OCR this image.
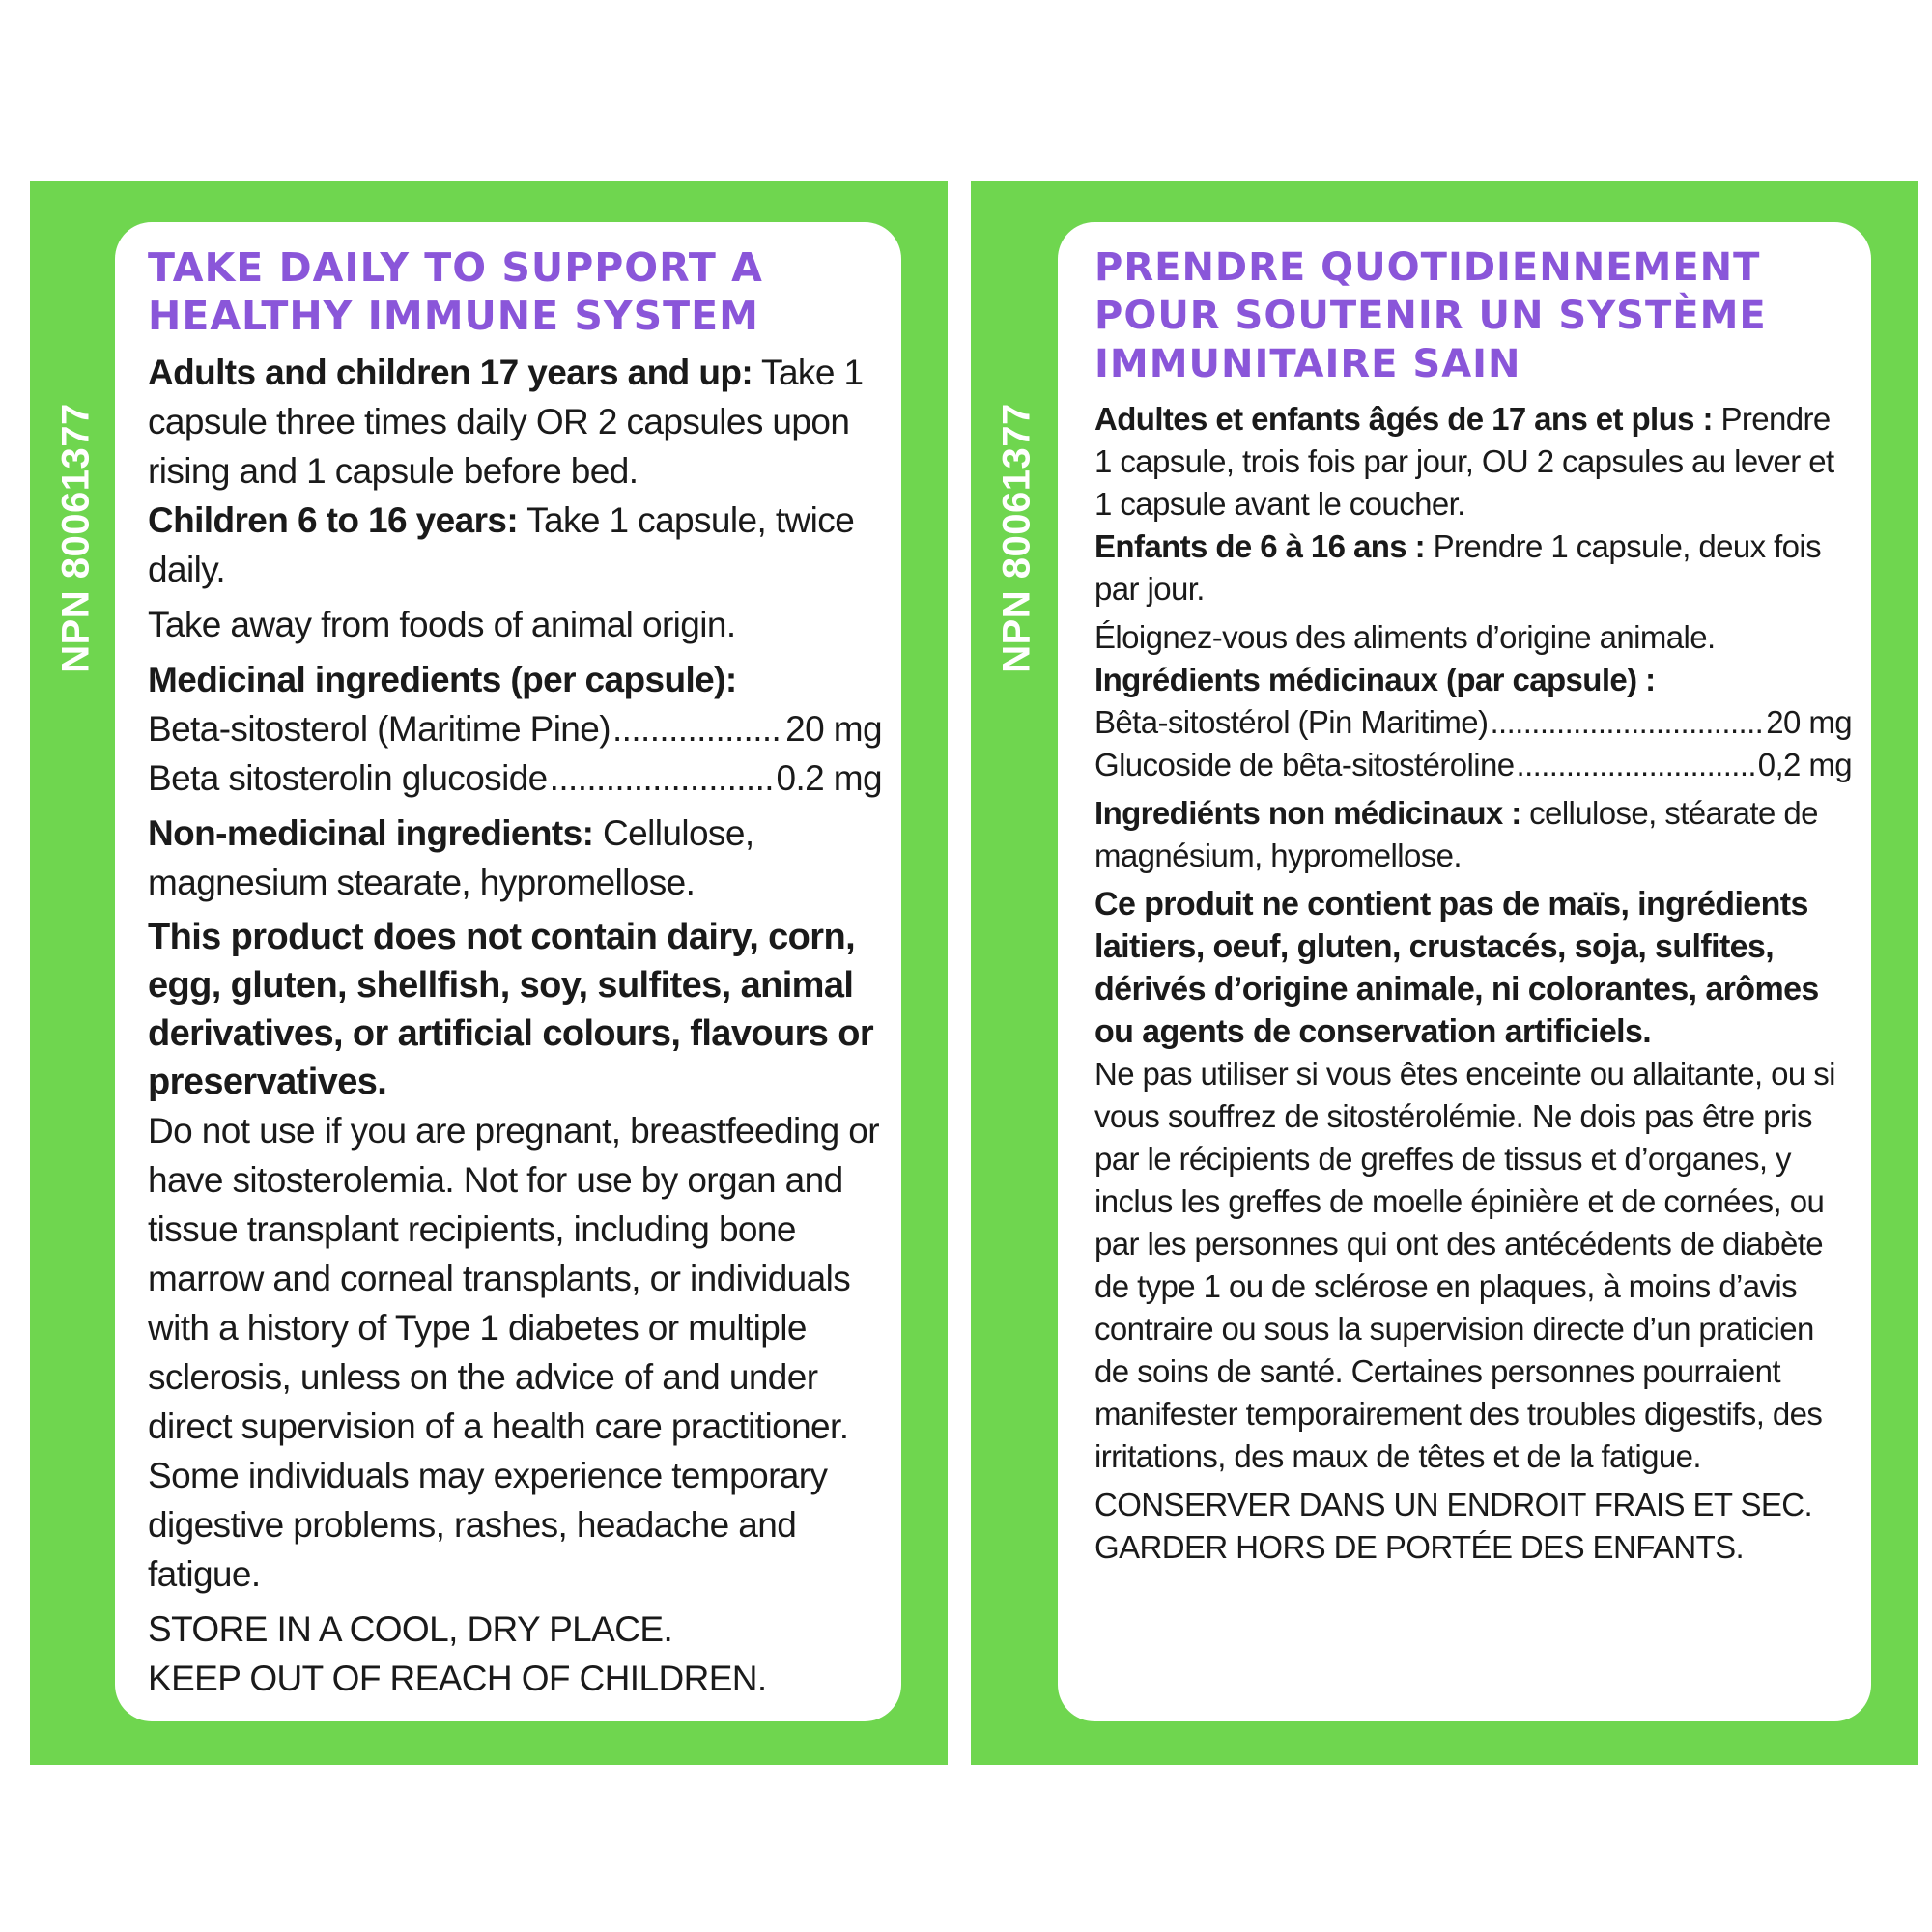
NPN 80061377
TAKE DAILY TO SUPPORT A HEALTHY IMMUNE SYSTEM

Adults and children 17 years and up: Take 1 capsule three times daily OR 2 capsules upon rising and 1 capsule before bed.

Children 6 to 16 years: Take 1 capsule, twice daily.

Take away from foods of animal origin.

Medicinal ingredients (per capsule):

Beta-sitosterol (Maritime Pine) .....	20 mg
Beta sitosterolin glucoside .....	0.2 mg

Non-medicinal ingredients: Cellulose, magnesium stearate, hypromellose.

This product does not contain dairy, corn, egg, gluten, shellfish, soy, sulfites, animal derivatives, or artificial colours, flavours or preservatives.

Do not use if you are pregnant, breastfeeding or have sitosterolemia. Not for use by organ and tissue transplant recipients, including bone marrow and corneal transplants, or individuals with a history of Type 1 diabetes or multiple sclerosis, unless on the advice of and under direct supervision of a health care practitioner. Some individuals may experience temporary digestive problems, rashes, headache and fatigue.

STORE IN A COOL, DRY PLACE.

KEEP OUT OF REACH OF CHILDREN.

NPN 80061377
PRENDRE QUOTIDIENNEMENT POUR SOUTENIR UN SYSTÈME IMMUNITAIRE SAIN

Adultes et enfants âgés de 17 ans et plus : Prendre 1 capsule, trois fois par jour, OU 2 capsules au lever et 1 capsule avant le coucher.

Enfants de 6 à 16 ans : Prendre 1 capsule, deux fois par jour.

Éloignez-vous des aliments d’origine animale.

Ingrédients médicinaux (par capsule) :

Bêta-sitostérol (Pin Maritime) .....	20 mg
Glucoside de bêta-sitostéroline .....	0,2 mg

Ingrediénts non médicinaux : cellulose, stéarate de magnésium, hypromellose.

Ce produit ne contient pas de maïs, ingrédients laitiers, oeuf, gluten, crustacés, soja, sulfites, dérivés d’origine animale, ni colorantes, arômes ou agents de conservation artificiels.

Ne pas utiliser si vous êtes enceinte ou allaitante, ou si vous souffrez de sitostérolémie. Ne dois pas être pris par le récipients de greffes de tissus et d’organes, y inclus les greffes de moelle épinière et de cornées, ou par les personnes qui ont des antécédents de diabète de type 1 ou de sclérose en plaques, à moins d’avis contraire ou sous la supervision directe d’un praticien de soins de santé. Certaines personnes pourraient manifester temporairement des troubles digestifs, des irritations, des maux de têtes et de la fatigue.

CONSERVER DANS UN ENDROIT FRAIS ET SEC.

GARDER HORS DE PORTÉE DES ENFANTS.
